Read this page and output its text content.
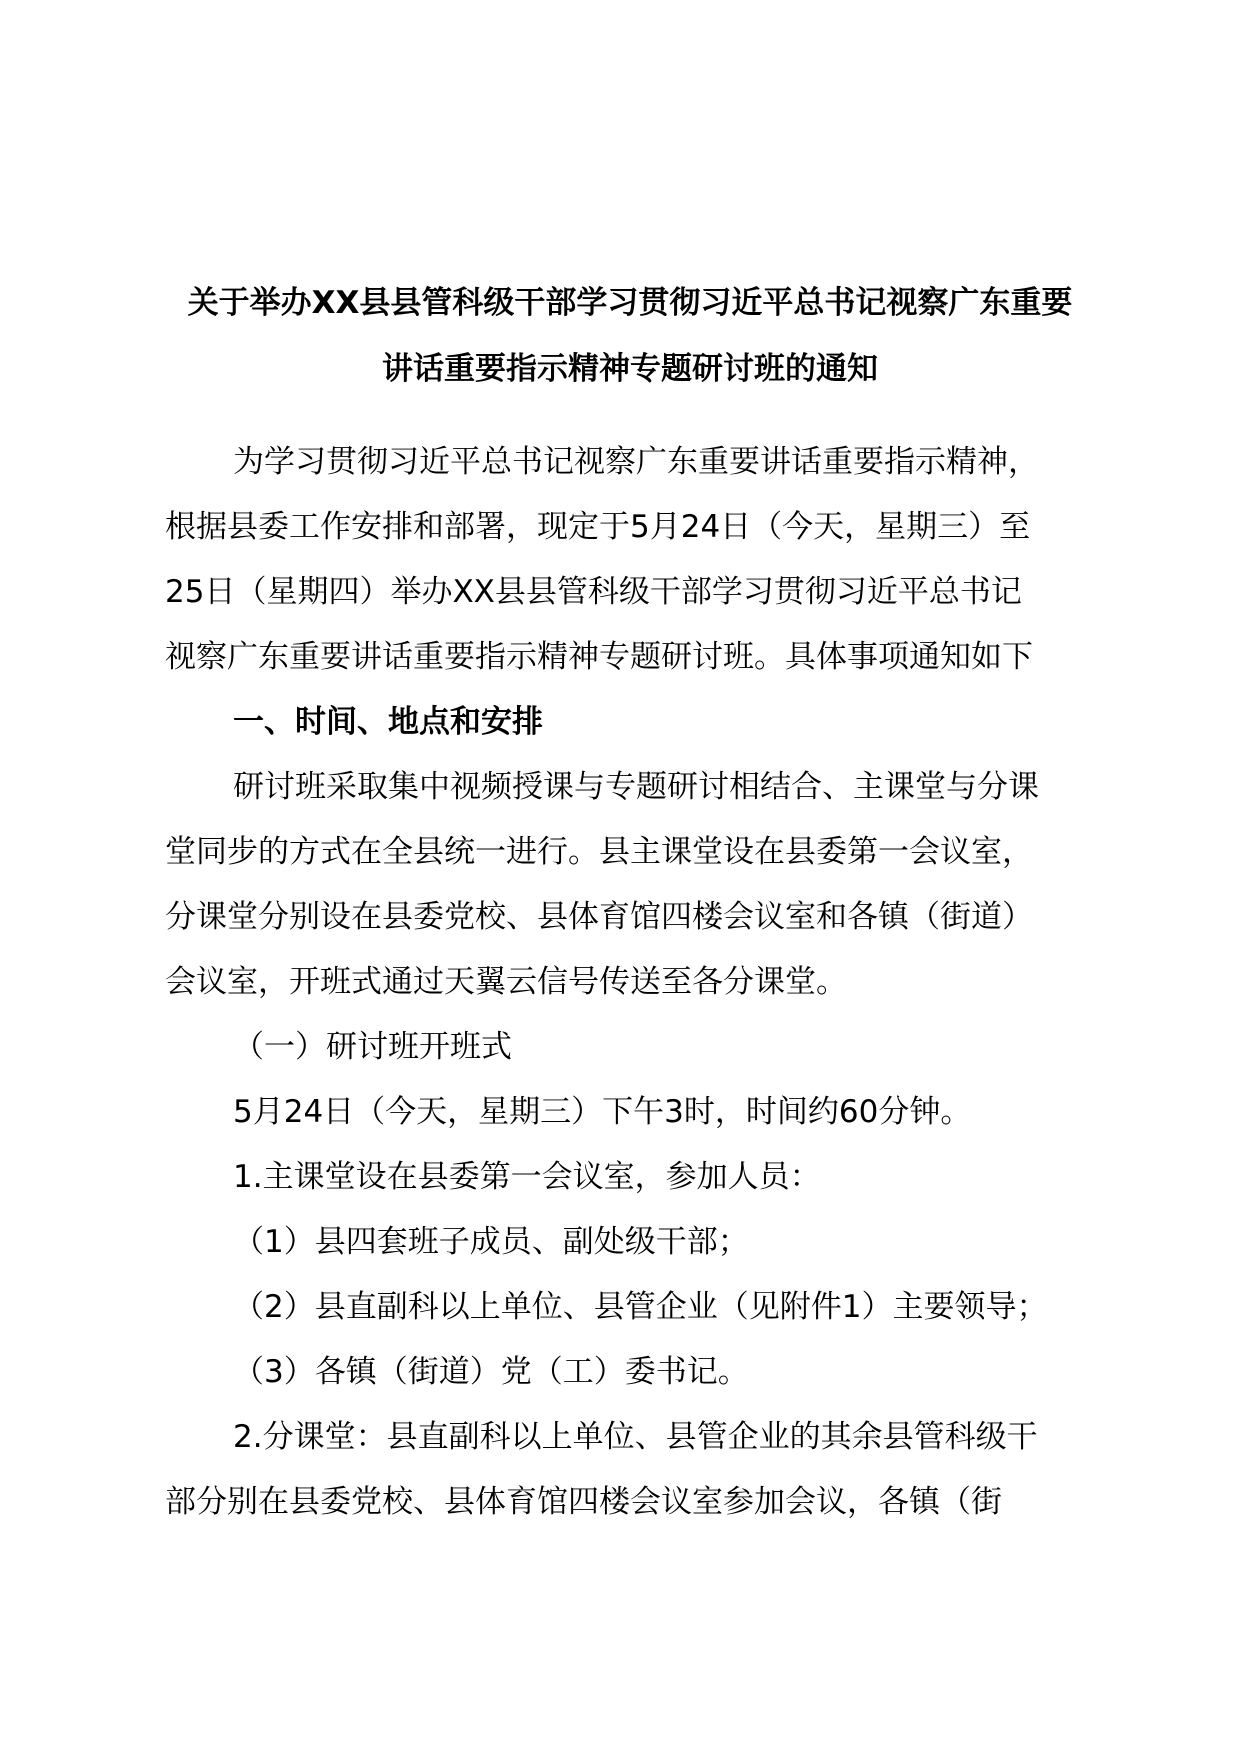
关于举办XX县县管科级干部学习贯彻习近平总书记视察广东重要
讲话重要指示精神专题研讨班的通知
为学习贯彻习近平总书记视察广东重要讲话重要指示精神，
根据县委工作安排和部署，现定于5月24日（今天，星期三）至
25日（星期四）举办XX县县管科级干部学习贯彻习近平总书记
视察广东重要讲话重要指示精神专题研讨班。具体事项通知如下
一、时间、地点和安排
研讨班采取集中视频授课与专题研讨相结合、主课堂与分课
堂同步的方式在全县统一进行。县主课堂设在县委第一会议室，
分课堂分别设在县委党校、县体育馆四楼会议室和各镇（街道）
会议室，开班式通过天翼云信号传送至各分课堂。
（一）研讨班开班式
5月24日（今天，星期三）下午3时，时间约60分钟。
1.主课堂设在县委第一会议室，参加人员：
（1）县四套班子成员、副处级干部；
（2）县直副科以上单位、县管企业（见附件1）主要领导；
（3）各镇（街道）党（工）委书记。
2.分课堂：县直副科以上单位、县管企业的其余县管科级干
部分别在县委党校、县体育馆四楼会议室参加会议，各镇（街
